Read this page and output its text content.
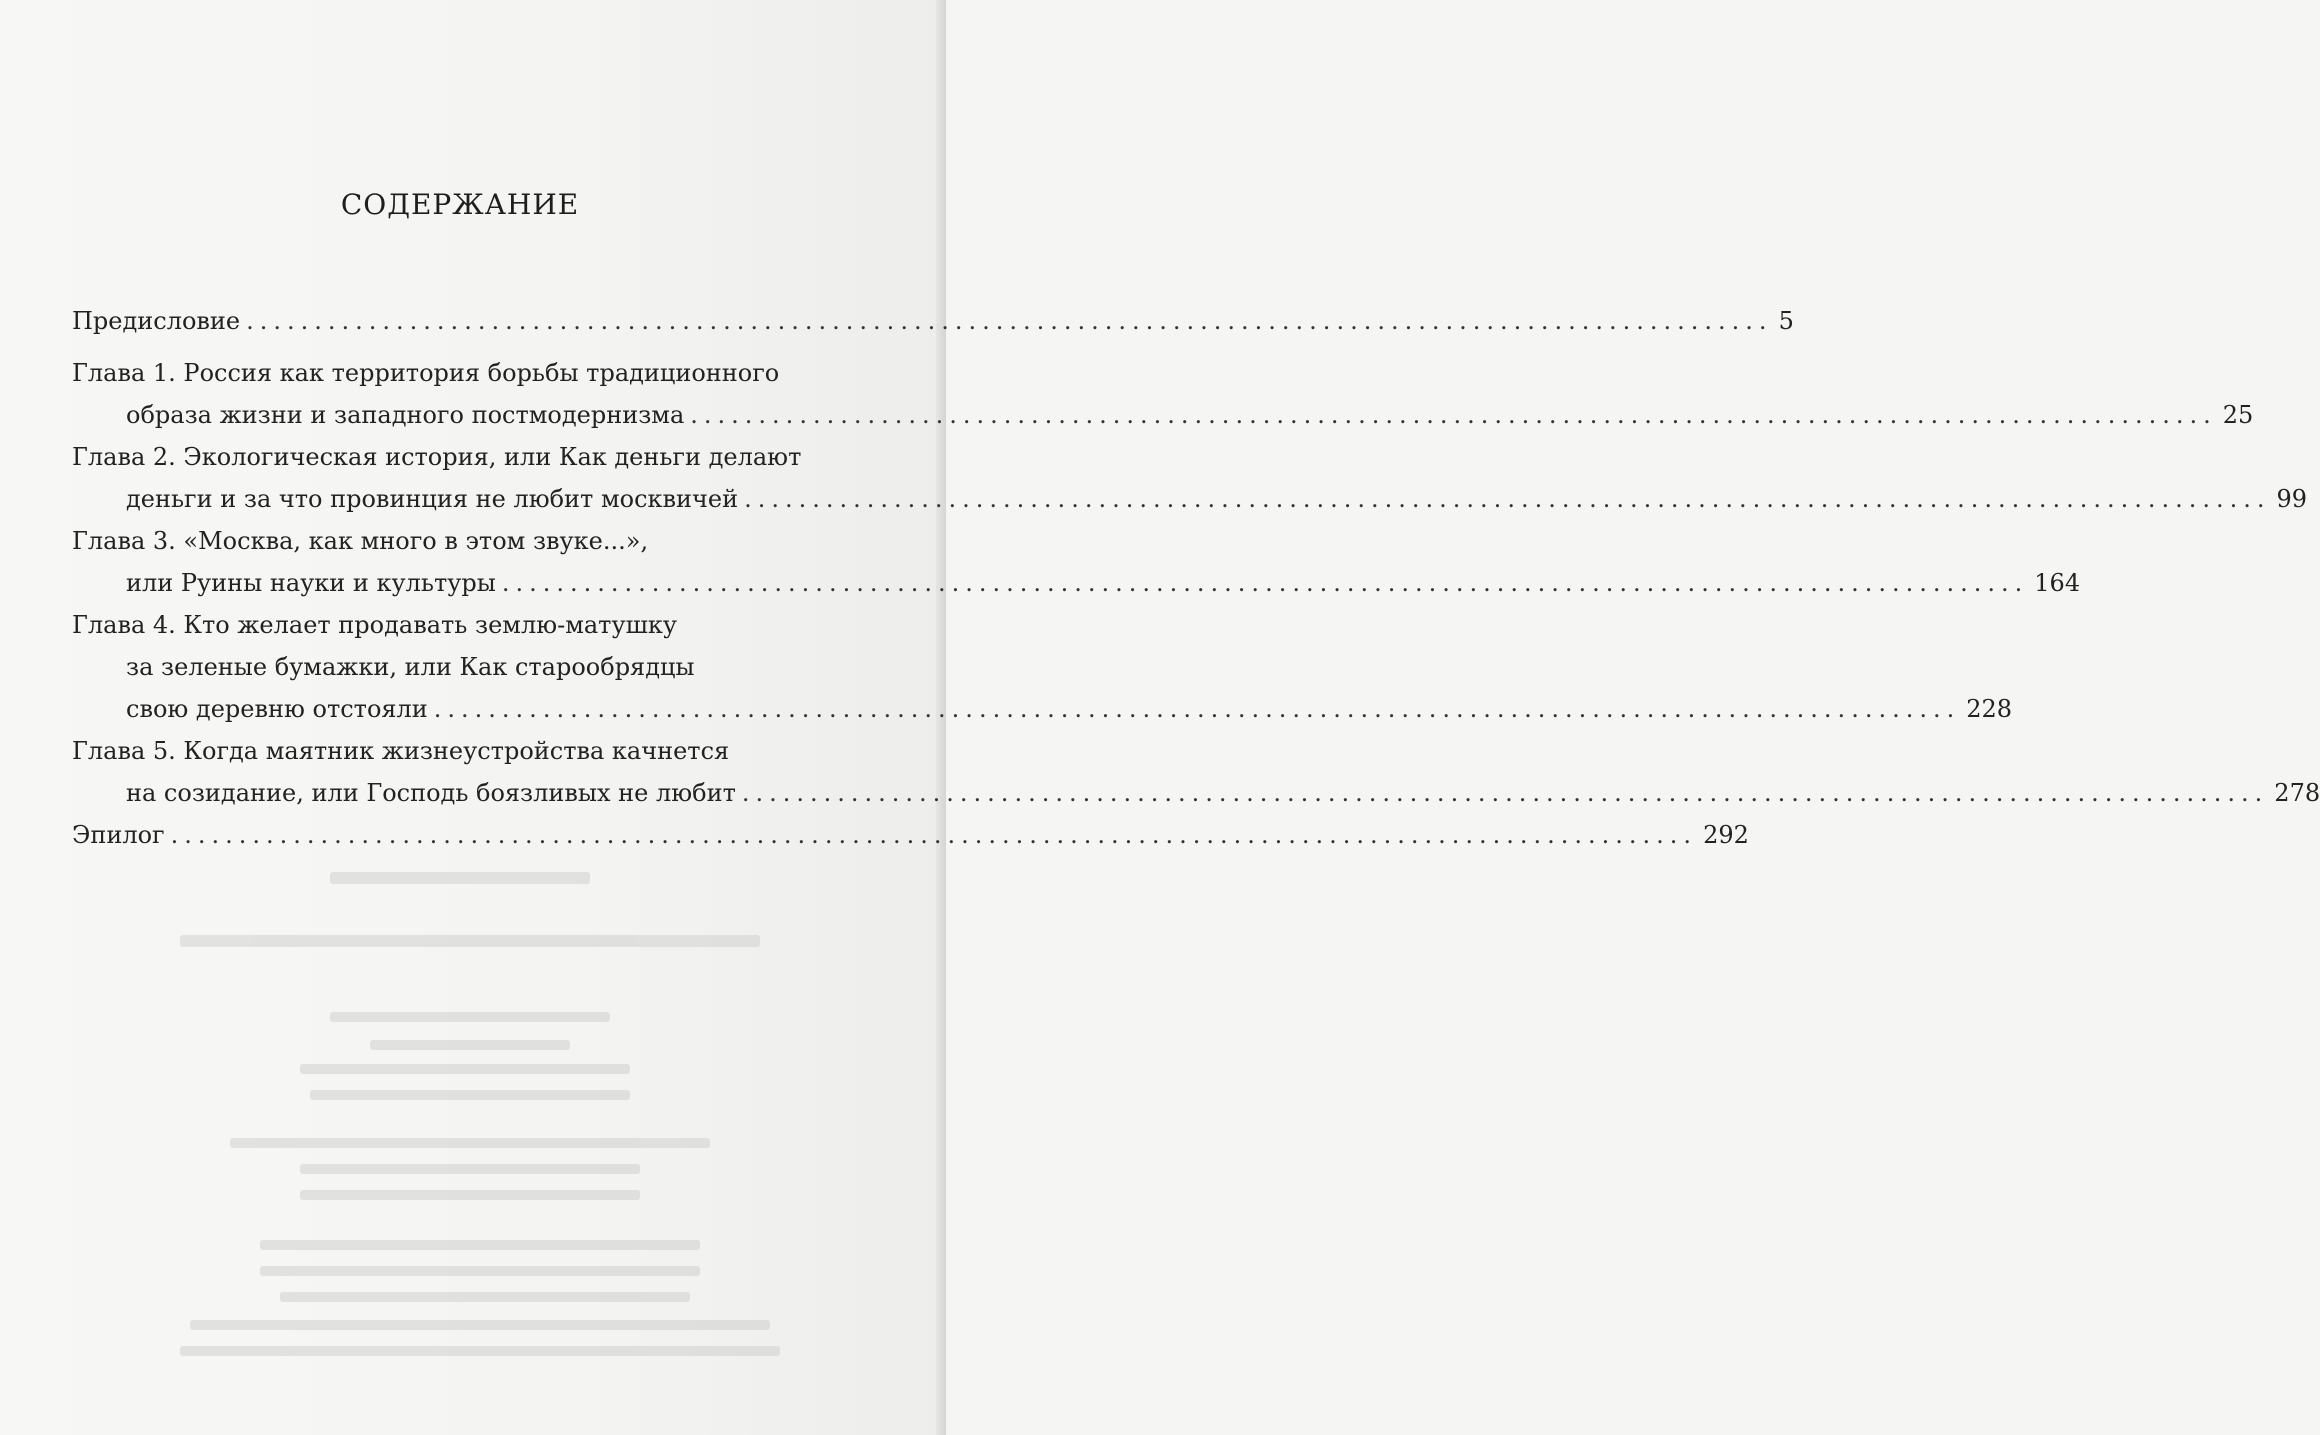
СОДЕРЖАНИЕ
Предисловие ................................................................................................................ 5
Глава 1. Россия как территория борьбы традиционного
образа жизни и западного постмодернизма ................................................................................................................ 25
Глава 2. Экологическая история, или Как деньги делают
деньги и за что провинция не любит москвичей ................................................................................................................ 99
Глава 3. «Москва, как много в этом звуке...»,
или Руины науки и культуры ................................................................................................................ 164
Глава 4. Кто желает продавать землю-матушку
за зеленые бумажки, или Как старообрядцы
свою деревню отстояли ................................................................................................................ 228
Глава 5. Когда маятник жизнеустройства качнется
на созидание, или Господь боязливых не любит ................................................................................................................ 278
Эпилог ................................................................................................................ 292
